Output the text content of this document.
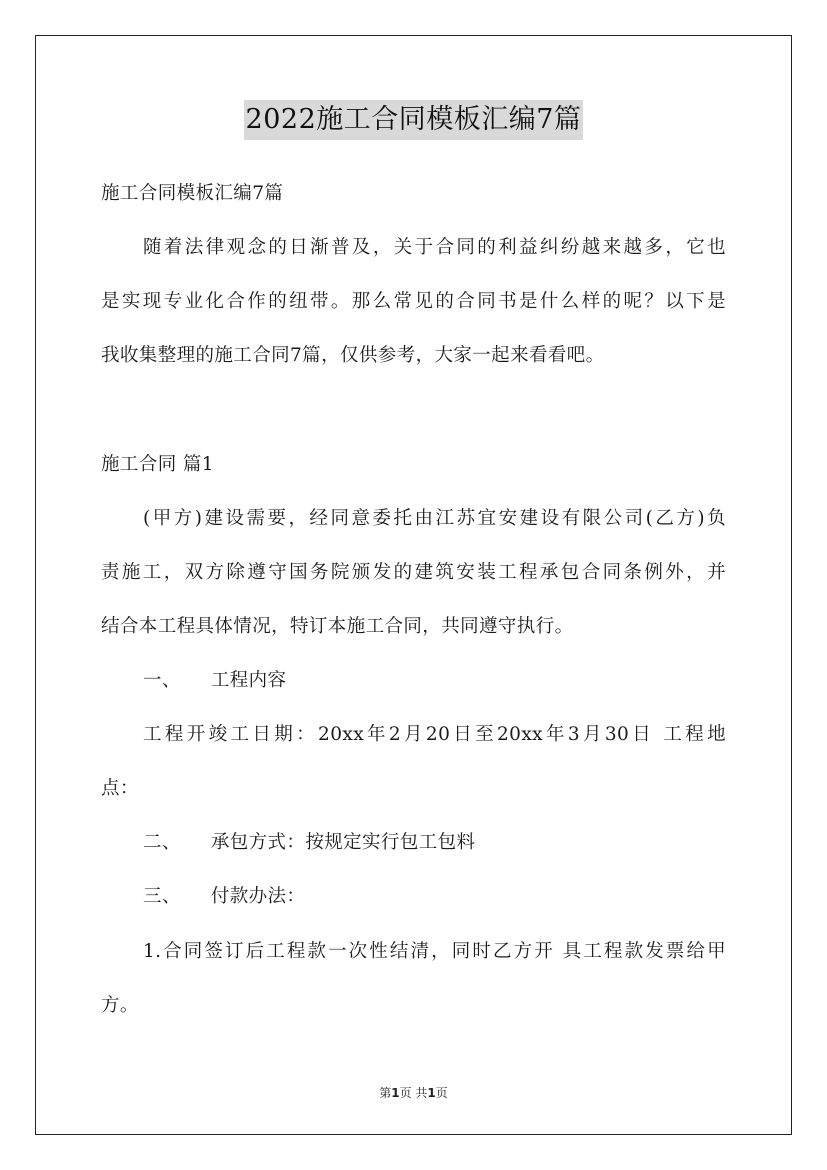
2022施工合同模板汇编7篇
施工合同模板汇编7篇
随着法律观念的日渐普及，关于合同的利益纠纷越来越多，它也
是实现专业化合作的纽带。那么常见的合同书是什么样的呢？以下是
我收集整理的施工合同7篇，仅供参考，大家一起来看看吧。
施工合同 篇1
(甲方)建设需要，经同意委托由江苏宜安建设有限公司(乙方)负
责施工，双方除遵守国务院颁发的建筑安装工程承包合同条例外，并
结合本工程具体情况，特订本施工合同，共同遵守执行。
一、 工程内容
工程开竣工日期：20xx年2月20日至20xx年3月30日 工程地
点：
二、 承包方式：按规定实行包工包料
三、 付款办法：
1.合同签订后工程款一次性结清，同时乙方开 具工程款发票给甲
方。
第1页 共1页
